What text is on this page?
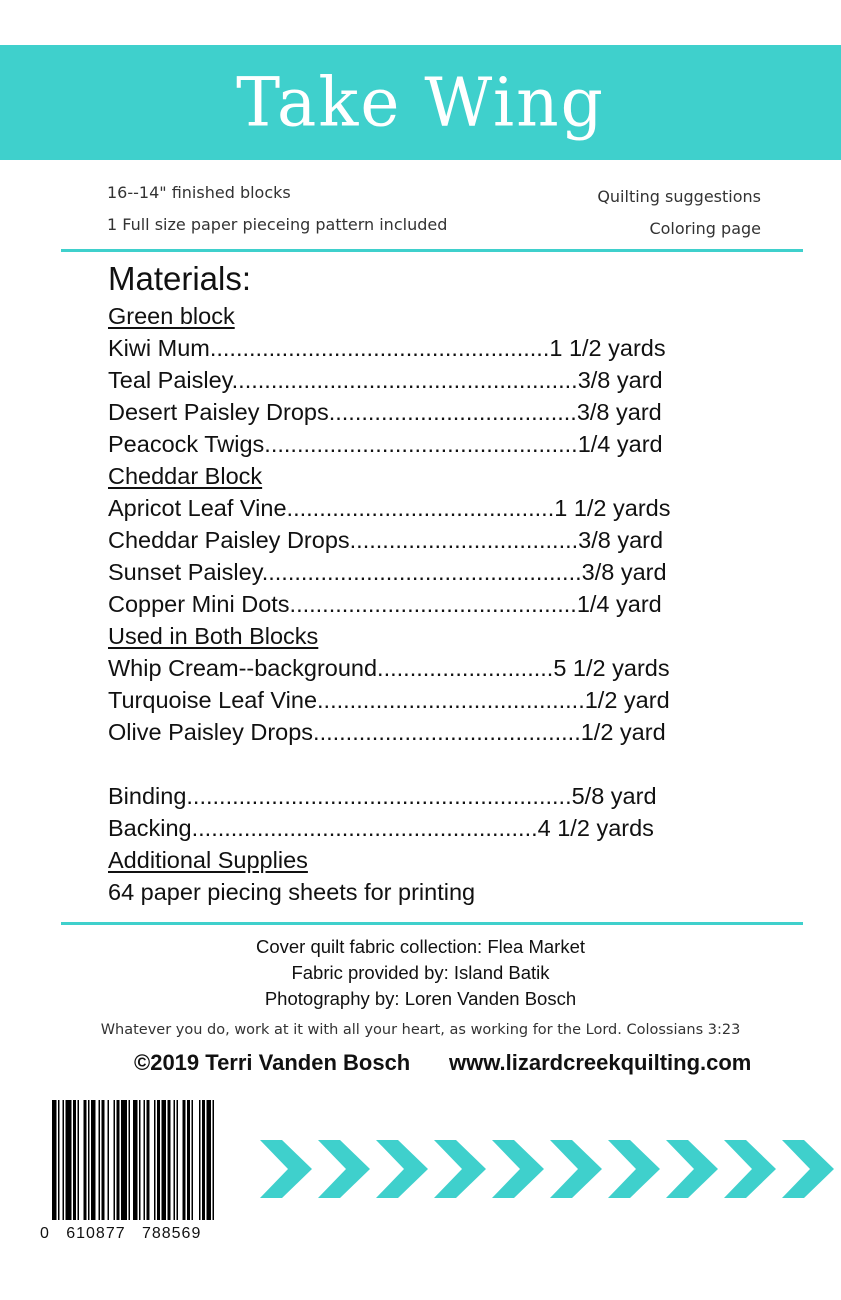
Take Wing
16--14" finished blocks
1 Full size paper pieceing pattern included
Quilting suggestions
Coloring page
Materials:
Green block
Kiwi Mum....................................................1 1/2 yards
Teal Paisley.....................................................3/8 yard
Desert Paisley Drops......................................3/8 yard
Peacock Twigs................................................1/4 yard
Cheddar Block
Apricot Leaf Vine.........................................1 1/2 yards
Cheddar Paisley Drops...................................3/8 yard
Sunset Paisley.................................................3/8 yard
Copper Mini Dots............................................1/4 yard
Used in Both Blocks
Whip Cream--background...........................5 1/2 yards
Turquoise Leaf Vine.........................................1/2 yard
Olive Paisley Drops.........................................1/2 yard
Binding...........................................................5/8 yard
Backing.....................................................4 1/2 yards
Additional Supplies
64 paper piecing sheets for printing
Cover quilt fabric collection: Flea Market
Fabric provided by: Island Batik
Photography by: Loren Vanden Bosch
Whatever you do, work at it with all your heart, as working for the Lord. Colossians 3:23
©2019 Terri Vanden Bosch www.lizardcreekquilting.com
0   610877   788569
